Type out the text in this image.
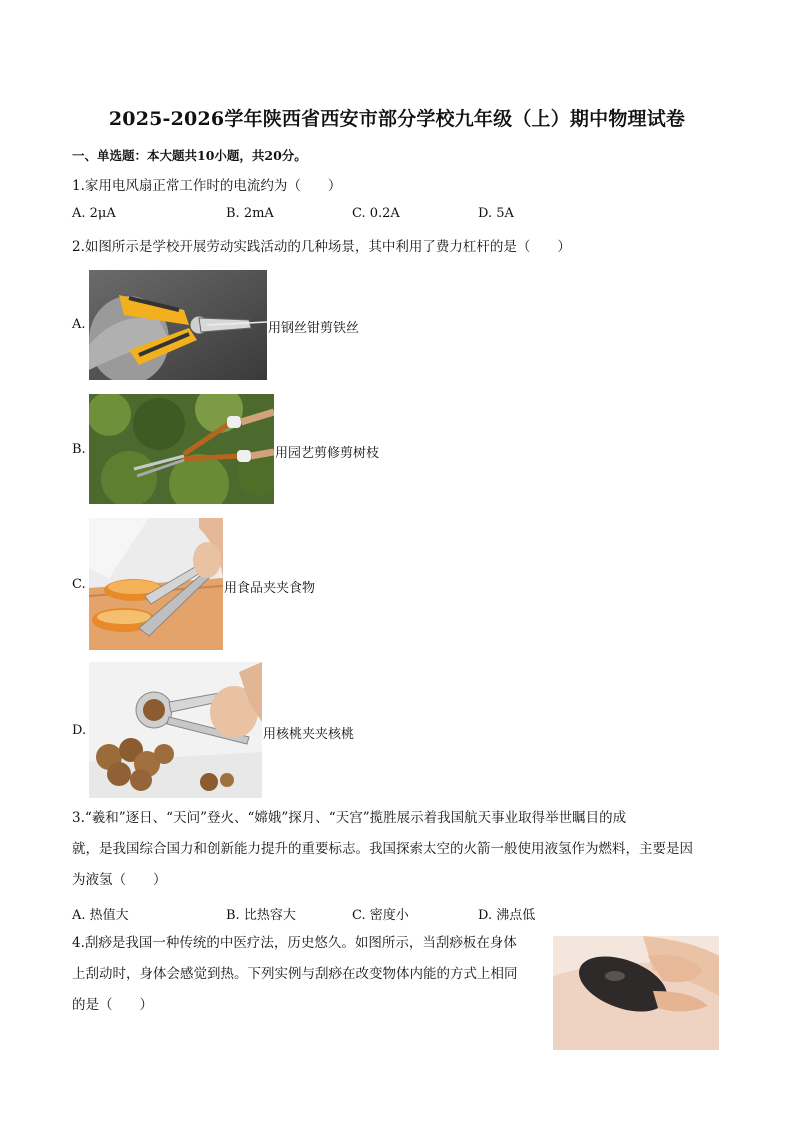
2025-2026学年陕西省西安市部分学校九年级（上）期中物理试卷
一、单选题：本大题共10小题，共20分。
1.家用电风扇正常工作时的电流约为（　　）
A. 2μA	B. 2mA	C. 0.2A	D. 5A
2.如图所示是学校开展劳动实践活动的几种场景，其中利用了费力杠杆的是（　　）
A.	用钢丝钳剪铁丝
B.	用园艺剪修剪树枝
C.	用食品夹夹食物
D.	用核桃夹夹核桃
3.“羲和”逐日、“天问”登火、“嫦娥”探月、“天宫”揽胜展示着我国航天事业取得举世瞩目的成
就，是我国综合国力和创新能力提升的重要标志。我国探索太空的火箭一般使用液氢作为燃料，主要是因
为液氢（　　）
A. 热值大	B. 比热容大	C. 密度小	D. 沸点低
4.刮痧是我国一种传统的中医疗法，历史悠久。如图所示，当刮痧板在身体
上刮动时，身体会感觉到热。下列实例与刮痧在改变物体内能的方式上相同
的是（　　）
